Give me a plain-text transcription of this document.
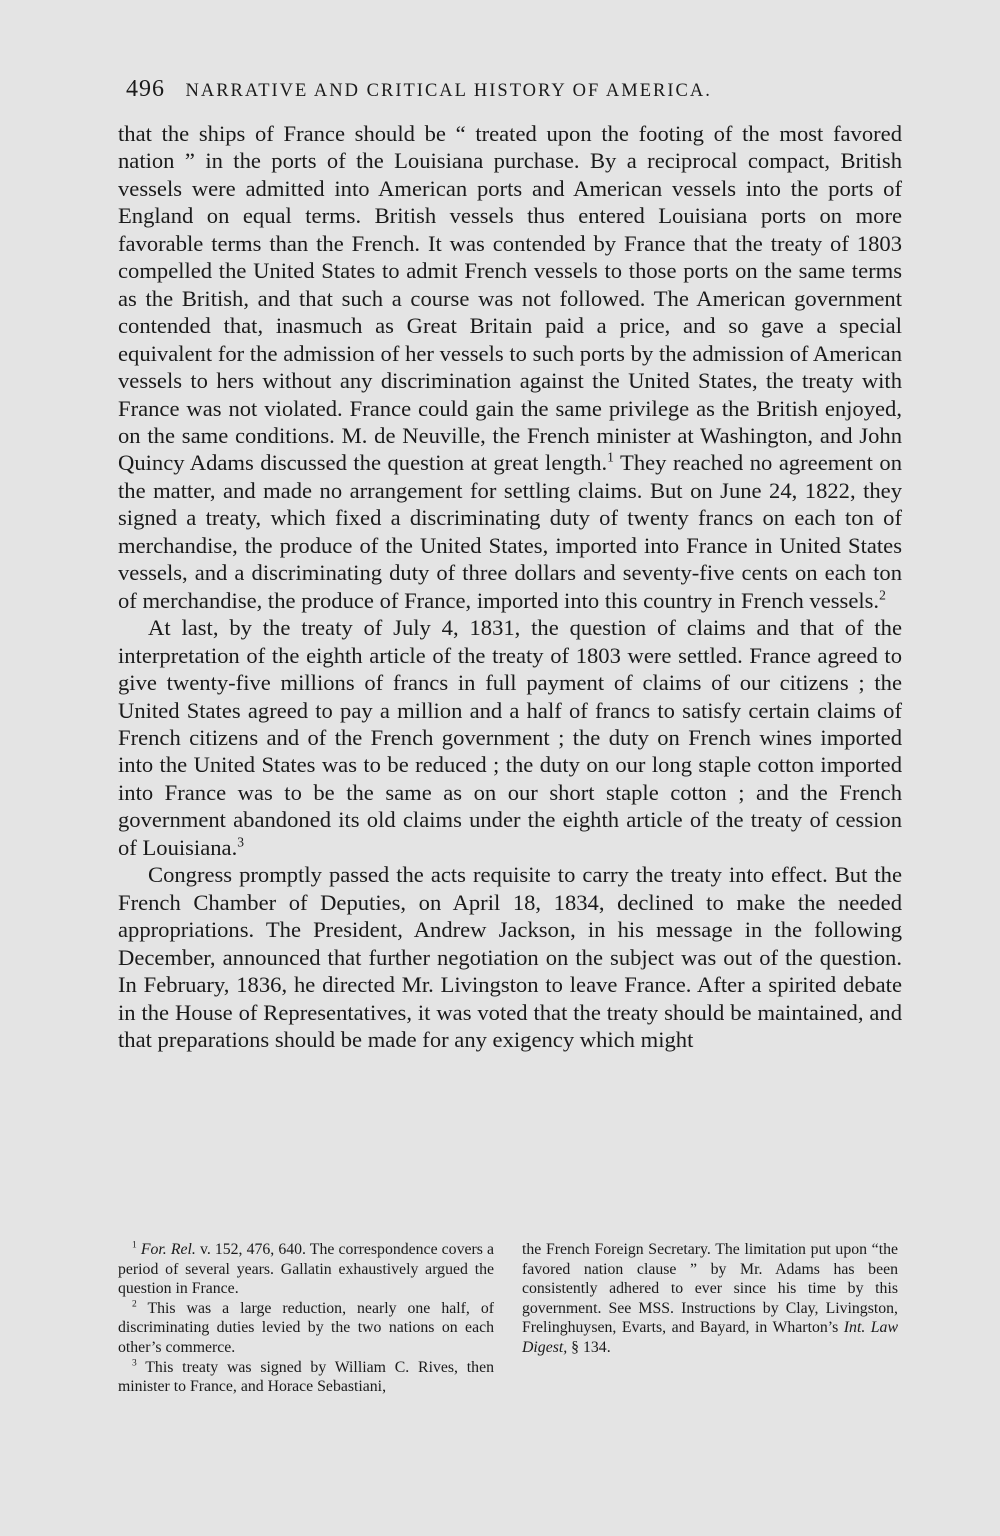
496 NARRATIVE AND CRITICAL HISTORY OF AMERICA.

that the ships of France should be “ treated upon the footing of the most favored nation ” in the ports of the Louisiana purchase. By a reciprocal compact, British vessels were admitted into American ports and American vessels into the ports of England on equal terms. British vessels thus entered Louisiana ports on more favorable terms than the French. It was contended by France that the treaty of 1803 compelled the United States to admit French vessels to those ports on the same terms as the British, and that such a course was not followed. The American government contended that, inasmuch as Great Britain paid a price, and so gave a special equivalent for the admission of her vessels to such ports by the admission of American vessels to hers without any discrimination against the United States, the treaty with France was not violated. France could gain the same privilege as the British enjoyed, on the same conditions. M. de Neuville, the French minister at Washington, and John Quincy Adams discussed the question at great length.$^1$ They reached no agreement on the matter, and made no arrangement for settling claims. But on June 24, 1822, they signed a treaty, which fixed a discriminating duty of twenty francs on each ton of merchandise, the produce of the United States, imported into France in United States vessels, and a discriminating duty of three dollars and seventy-five cents on each ton of merchandise, the produce of France, imported into this country in French vessels.$^2$

At last, by the treaty of July 4, 1831, the question of claims and that of the interpretation of the eighth article of the treaty of 1803 were settled. France agreed to give twenty-five millions of francs in full payment of claims of our citizens ; the United States agreed to pay a million and a half of francs to satisfy certain claims of French citizens and of the French government ; the duty on French wines imported into the United States was to be reduced ; the duty on our long staple cotton imported into France was to be the same as on our short staple cotton ; and the French government abandoned its old claims under the eighth article of the treaty of cession of Louisiana.$^3$

Congress promptly passed the acts requisite to carry the treaty into effect. But the French Chamber of Deputies, on April 18, 1834, declined to make the needed appropriations. The President, Andrew Jackson, in his message in the following December, announced that further negotiation on the subject was out of the question. In February, 1836, he directed Mr. Livingston to leave France. After a spirited debate in the House of Representatives, it was voted that the treaty should be maintained, and that preparations should be made for any exigency which might

$^1$ For. Rel. v. 152, 476, 640. The correspondence covers a period of several years. Gallatin exhaustively argued the question in France.

$^2$ This was a large reduction, nearly one half, of discriminating duties levied by the two nations on each other’s commerce.

$^3$ This treaty was signed by William C. Rives, then minister to France, and Horace Sebastiani,

the French Foreign Secretary. The limitation put upon “the favored nation clause ” by Mr. Adams has been consistently adhered to ever since his time by this government. See MSS. Instructions by Clay, Livingston, Frelinghuysen, Evarts, and Bayard, in Wharton’s Int. Law Digest, § 134.
